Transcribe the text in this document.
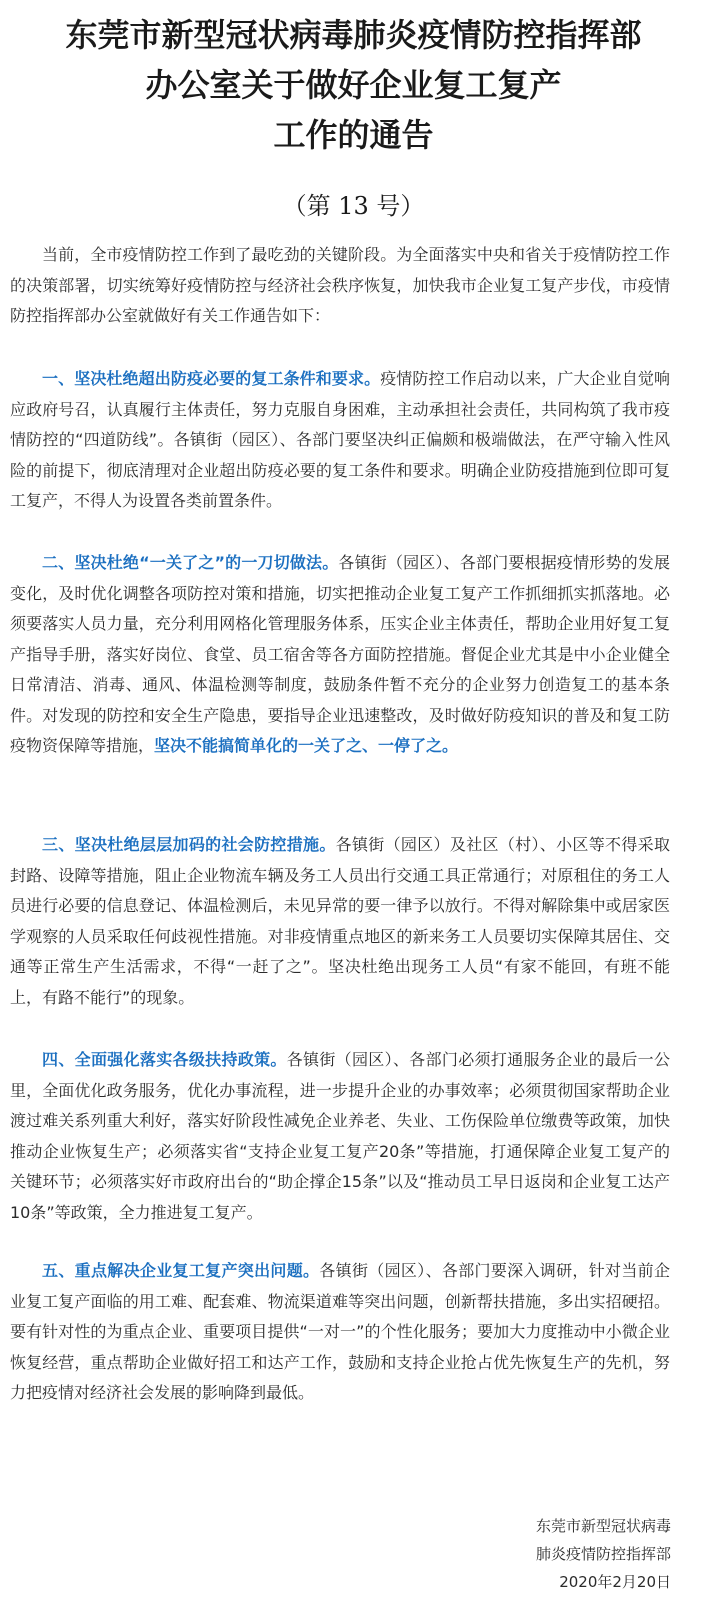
东莞市新型冠状病毒肺炎疫情防控指挥部

办公室关于做好企业复工复产

工作的通告

（第 13 号）

当前，全市疫情防控工作到了最吃劲的关键阶段。为全面落实中央和省关于疫情防控工作的决策部署，切实统筹好疫情防控与经济社会秩序恢复，加快我市企业复工复产步伐，市疫情防控指挥部办公室就做好有关工作通告如下：

一、坚决杜绝超出防疫必要的复工条件和要求。疫情防控工作启动以来，广大企业自觉响应政府号召，认真履行主体责任，努力克服自身困难，主动承担社会责任，共同构筑了我市疫情防控的“四道防线”。各镇街（园区）、各部门要坚决纠正偏颇和极端做法，在严守输入性风险的前提下，彻底清理对企业超出防疫必要的复工条件和要求。明确企业防疫措施到位即可复工复产，不得人为设置各类前置条件。

二、坚决杜绝“一关了之”的一刀切做法。各镇街（园区）、各部门要根据疫情形势的发展变化，及时优化调整各项防控对策和措施，切实把推动企业复工复产工作抓细抓实抓落地。必须要落实人员力量，充分利用网格化管理服务体系，压实企业主体责任，帮助企业用好复工复产指导手册，落实好岗位、食堂、员工宿舍等各方面防控措施。督促企业尤其是中小企业健全日常清洁、消毒、通风、体温检测等制度，鼓励条件暂不充分的企业努力创造复工的基本条件。对发现的防控和安全生产隐患，要指导企业迅速整改，及时做好防疫知识的普及和复工防疫物资保障等措施，坚决不能搞简单化的一关了之、一停了之。

三、坚决杜绝层层加码的社会防控措施。各镇街（园区）及社区（村）、小区等不得采取封路、设障等措施，阻止企业物流车辆及务工人员出行交通工具正常通行；对原租住的务工人员进行必要的信息登记、体温检测后，未见异常的要一律予以放行。不得对解除集中或居家医学观察的人员采取任何歧视性措施。对非疫情重点地区的新来务工人员要切实保障其居住、交通等正常生产生活需求，不得“一赶了之”。坚决杜绝出现务工人员“有家不能回，有班不能上，有路不能行”的现象。

四、全面强化落实各级扶持政策。各镇街（园区）、各部门必须打通服务企业的最后一公里，全面优化政务服务，优化办事流程，进一步提升企业的办事效率；必须贯彻国家帮助企业渡过难关系列重大利好，落实好阶段性减免企业养老、失业、工伤保险单位缴费等政策，加快推动企业恢复生产；必须落实省“支持企业复工复产20条”等措施，打通保障企业复工复产的关键环节；必须落实好市政府出台的“助企撑企15条”以及“推动员工早日返岗和企业复工达产10条”等政策，全力推进复工复产。

五、重点解决企业复工复产突出问题。各镇街（园区）、各部门要深入调研，针对当前企业复工复产面临的用工难、配套难、物流渠道难等突出问题，创新帮扶措施，多出实招硬招。要有针对性的为重点企业、重要项目提供“一对一”的个性化服务；要加大力度推动中小微企业恢复经营，重点帮助企业做好招工和达产工作，鼓励和支持企业抢占优先恢复生产的先机，努力把疫情对经济社会发展的影响降到最低。

东莞市新型冠状病毒
肺炎疫情防控指挥部
2020年2月20日
